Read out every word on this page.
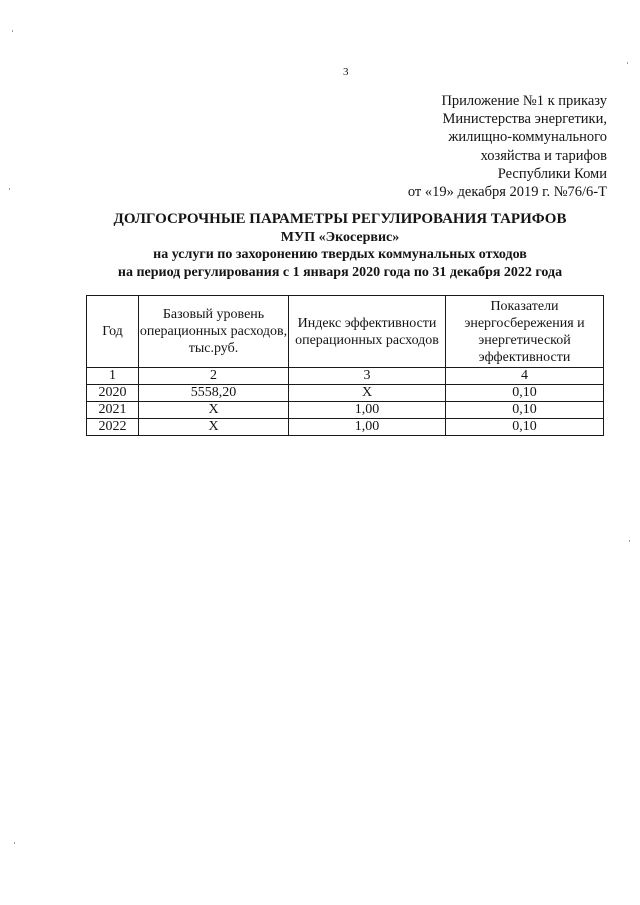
3
Приложение №1 к приказу
Министерства энергетики,
жилищно-коммунального
хозяйства и тарифов
Республики Коми
от «19» декабря 2019 г. №76/6-Т
ДОЛГОСРОЧНЫЕ ПАРАМЕТРЫ РЕГУЛИРОВАНИЯ ТАРИФОВ
МУП «Экосервис»
на услуги по захоронению твердых коммунальных отходов
на период регулирования с 1 января 2020 года по 31 декабря 2022 года
Год	Базовый уровень операционных расходов, тыс.руб.	Индекс эффективности операционных расходов	Показатели энергосбережения и энергетической эффективности
1	2	3	4
2020	5558,20	Х	0,10
2021	Х	1,00	0,10
2022	Х	1,00	0,10
